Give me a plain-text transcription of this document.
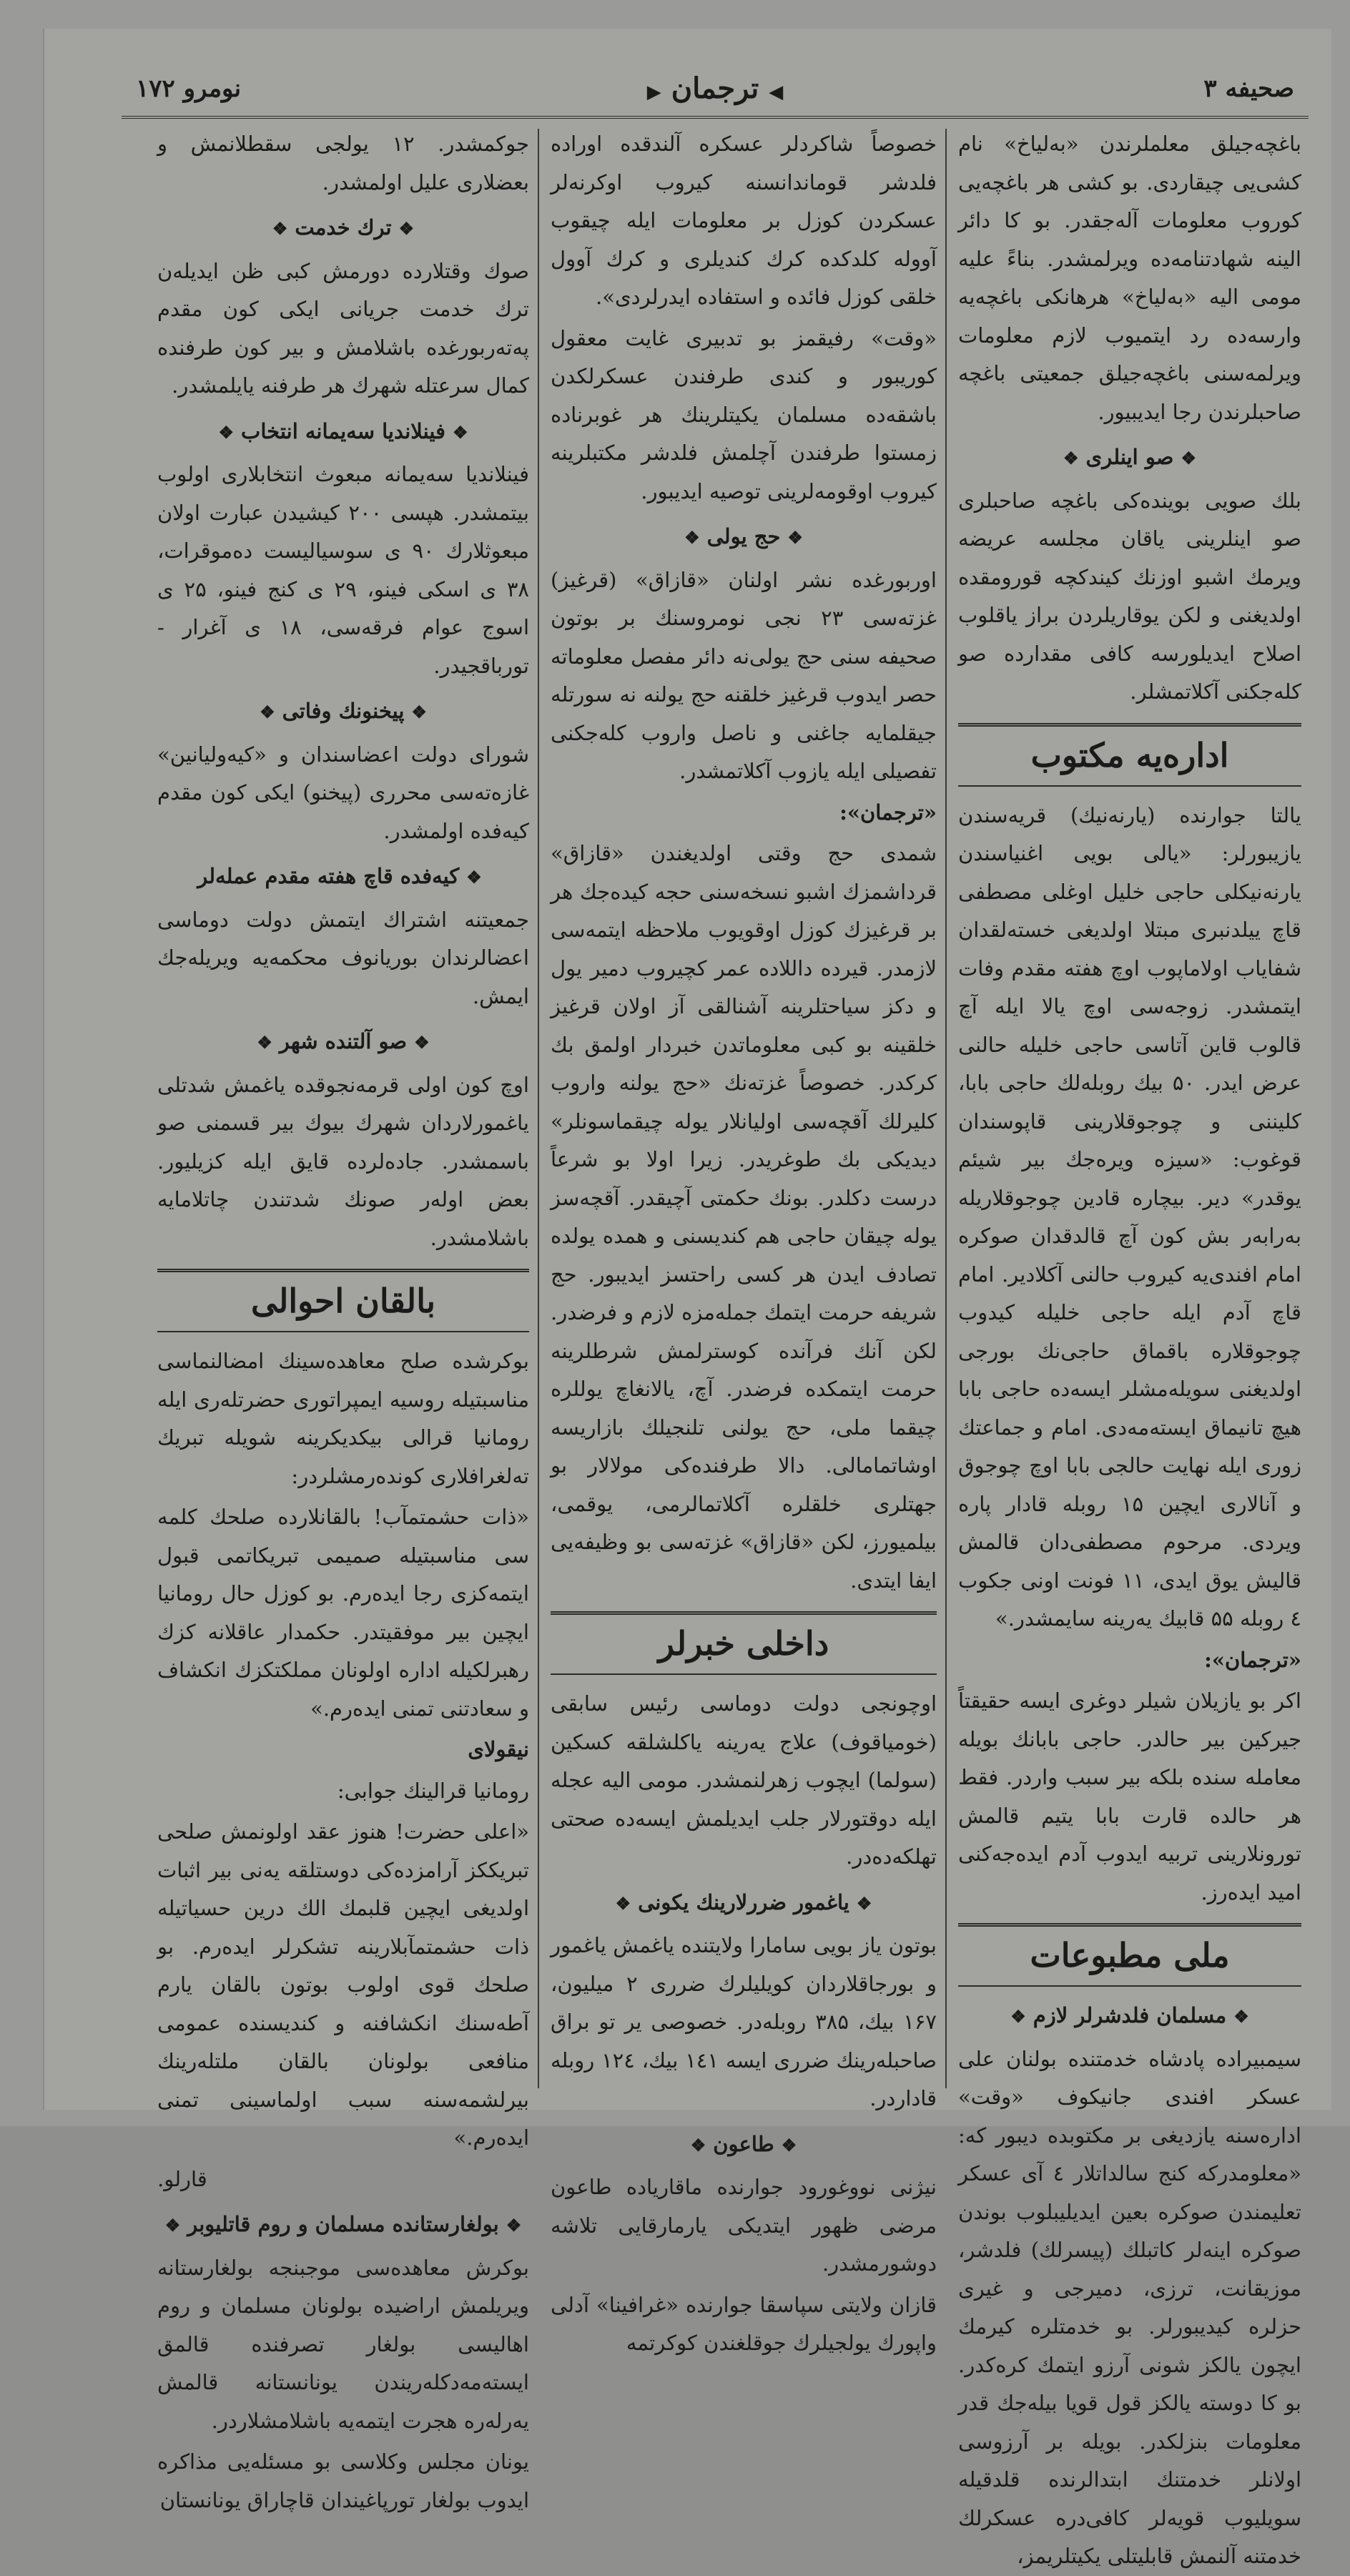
صحیفه ۳
◀ ترجمان ▶
نومرو ۱۷۲

باغچه‌جیلق معلملرندن «بەلیاخ» نام کشی‌یی چیقاردی. بو کشی هر باغچه‌یی کوروب معلومات آلەجقدر. بو کا دائر الینه شهادتنامەده ویرلمشدر. بناءً علیه مومی الیه «بەلیاخ» هرهانکی باغچه‌یه وارسەده رد ایتمیوب لازم معلومات ویرلمەسنی باغچه‌جیلق جمعیتی باغچه صاحبلرندن رجا ایدیبیور.

❖صو اینلری❖

بلك صویی بویندەکی باغچه صاحبلری صو اینلرینی یاقان مجلسه عریضه ویرمك اشبو اوزنك کیندکچه قورومقده اولدیغنی و لکن یوقاریلردن براز یاقلوب اصلاح ایدیلورسه کافی مقدارده صو کلەجکنی آکلاتمشلر.

اداره‌یه مکتوب

یالتا جوارنده (یارنەنیك) قریەسندن یازیبورلر: «یالی بویی اغنیاسندن یارنەنیكلی حاجی خلیل اوغلی مصطفی قاچ ییلدنبری مبتلا اولدیغی خستەلقدان شفایاب اولاماپوب اوچ هفته مقدم وفات ایتمشدر. زوجەسی اوچ یالا ایله آچ قالوب قاین آتاسی حاجی خلیله حالنی عرض ایدر. ۵۰ بیك روبلەلك حاجی بابا، کلیننی و چوجوقلارینی قاپوسندان قوغوب: «سیزه ویرەجك بیر شیئم یوقدر» دیر. بیچاره قادین چوجوقلاریله بەرابەر بش کون آچ قالدقدان صوکره امام افندی‌یه کیروب حالنی آکلادیر. امام قاچ آدم ایله حاجی خلیله کیدوب چوجوقلاره باقماق حاجی‌نك بورجی اولدیغنی سویلەمشلر ایسەده حاجی بابا هیچ تانیماق ایستەمەدی. امام و جماعتك زوری ایله نهایت حالجی بابا اوچ چوجوق و آنالاری ایچین ۱۵ روبله قادار پاره ویردی. مرحوم مصطفی‌دان قالمش قالیش یوق ایدی، ۱۱ فونت اونی جکوب ٤ روبله ۵۵ قابیك یەرینه سایمشدر.»

«ترجمان»:

اکر بو یازیلان شیلر دوغری ایسه حقیقتاً جیرکین بیر حالدر. حاجی بابانك بویله معامله سنده بلکه بیر سبب واردر. فقط هر حالده قارت بابا یتیم قالمش تورونلارینی تربیه ایدوب آدم ایدەجەکنی امید ایدەرز.

ملی مطبوعات
❖مسلمان فلدشرلر لازم❖

سیمبیراده پادشاه خدمتنده بولنان علی عسکر افندی جانیکوف «وقت» ادارەسنه یازدیغی بر مکتوبده دیبور که: «معلومدرکه کنج سالداتلار ٤ آی عسکر تعلیمندن صوکره بعین ایدیلیبلوب بوندن صوکره اینه‌لر کاتبلك (پیسرلك) فلدشر، موزیقانت، ترزی، دمیرجی و غیری حزلره کیدیبورلر. بو خدمتلره کیرمك ایچون یالکز شونی آرزو ایتمك کرەکدر. بو کا دوسته یالکز قول قویا بیلەجك قدر معلومات بنزلکدر. بویله بر آرزوسی اولانلر خدمتنك ابتدالرنده قلدقیله سویلیوب قویەلر کافی‌دره عسکرلك خدمتنه آلنمش قابلیتلی یکیتلریمز،

خصوصاً شاکردلر عسکره آلندقده اوراده فلدشر قوماندانسنه کیروب اوکرنەلر عسکردن کوزل بر معلومات ایله چیقوب آووله کلدکده کرك کندیلری و کرك آوول خلقی کوزل فائده و استفاده ایدرلردی».

«وقت» رفیقمز بو تدبیری غایت معقول کوریبور و کندی طرفندن عسکرلکدن باشقەده مسلمان یکیتلرینك هر غوبرناده زمستوا طرفندن آچلمش فلدشر مکتبلرینه کیروب اوقومەلرینی توصیه ایدیبور.

❖حج یولی❖

اوربورغده نشر اولنان «قازاق» (قرغیز) غزتەسی ۲۳ نجی نومروسنك بر بوتون صحیفه سنی حج یولی‌نه دائر مفصل معلوماته حصر ایدوب قرغیز خلقنه حج یولنه نه سورتله جیقلمایە جاغنی و ناصل واروب کلەجکنی تفصیلی ایله یازوب آکلاتمشدر.

«ترجمان»:

شمدی حج وقتی اولدیغندن «قازاق» قرداشمزك اشبو نسخەسنی حجه کیدەجك هر بر قرغیزك کوزل اوقویوب ملاحظه ایتمەسی لازمدر. قیرده داللاده عمر کچیروب دمیر یول و دکز سیاحتلرینه آشنالقی آز اولان قرغیز خلقینه بو کبی معلوماتدن خبردار اولمق بك کرکدر. خصوصاً غزتەنك «حج یولنه واروب کلیرلك آقچەسی اولیانلار یوله چیقماسونلر» دیدیکی بك طوغریدر. زیرا اولا بو شرعاً درست دکلدر. بونك حکمتی آچیقدر. آقچەسز یوله چیقان حاجی هم کندیسنی و همده یولده تصادف ایدن هر کسی راحتسز ایدیبور. حج شریفه حرمت ایتمك جملەمزه لازم و فرضدر. لکن آنك فرآنده کوسترلمش شرطلرینه حرمت ایتمکده فرضدر. آچ، یالانغاچ یوللره چیقما ملی، حج یولنی تلنجیلك بازاریسه اوشاتمامالی. دالا طرفنده‌کی مولالار بو جهتلری خلقلره آکلاتمالرمی، یوقمی، بیلمیورز، لکن «قازاق» غزتەسی بو وظیفەیی ایفا ایتدی.

داخلی خبرلر

اوچونجی دولت دوماسی رئیس سابقی (خومیاقوف) علاج یەرینه یاکلشلقه کسکین (سولما) ایچوب زهرلنمشدر. مومی الیه عجله ایله دوقتورلار جلب ایدیلمش ایسەده صحتی تهلکەدەدر.

❖یاغمور ضررلارینك یکونی❖

بوتون یاز بویی سامارا ولایتنده یاغمش یاغمور و بورجاقلاردان کویلیلرك ضرری ۲ میلیون، ۱۶۷ بیك، ۳۸۵ روبلەدر. خصوصی یر تو براق صاحبلەرینك ضرری ایسه ۱٤۱ بیك، ۱۲٤ روبله قاداردر.

❖طاعون❖

نیژنی نووغورود جوارنده ماقاریاده طاعون مرضی ظهور ایتدیکی یارمارقایی تلاشه دوشورمشدر.

قازان ولایتی سپاسقا جوارنده «غرافینا» آدلی واپورك یولجیلرك جوقلغندن کوکرتمه

جوکمشدر. ۱۲ یولجی سقطلانمش و بعضلاری علیل اولمشدر.

❖ترك خدمت❖

صوك وقتلارده دورمش کبی ظن ایدیلەن ترك خدمت جریانی ایکی کون مقدم پەتەربورغده باشلامش و بیر کون طرفنده کمال سرعتله شهرك هر طرفنه یایلمشدر.

❖فینلاندیا سەیمانه انتخاب❖

فینلاندیا سەیمانه مبعوث انتخابلاری اولوب بیتمشدر. هپسی ۲۰۰ کیشیدن عبارت اولان مبعوثلارك ۹۰ ی سوسیالیست دەموقرات، ۳۸ ی اسکی فینو، ۲۹ ی کنج فینو، ۲۵ ی اسوج عوام فرقەسی، ۱۸ ی آغرار - تورباقجیدر.

❖پیخنونك وفاتی❖

شورای دولت اعضاسندان و «کیەولیانین» غازەتەسی محرری (پیخنو) ایکی کون مقدم کیەفده اولمشدر.

❖کیەفده قاچ هفته مقدم عملەلر

جمعیتنه اشتراك ایتمش دولت دوماسی اعضالرندان بوریانوف محکمەیه ویریلەجك ایمش.

❖صو آلتنده شهر❖

اوچ کون اولی قرمەنجوقده یاغمش شدتلی یاغمورلاردان شهرك بیوك بیر قسمنی صو باسمشدر. جادەلرده قایق ایله کزیلیور. بعض اولەر صونك شدتندن چاتلامایه باشلامشدر.

بالقان احوالی

بوکرشده صلح معاهدەسینك امضالنماسی مناسبتیله روسیه ایمپراتوری حضرتلەری ایله رومانیا قرالی بیکدیکرینه شویله تبریك تەلغرافلاری کوندەرمشلردر:

«ذات حشمتمآب! بالقانلارده صلحك کلمه سی مناسبتیله صمیمی تبریکاتمی قبول ایتمه‌کزی رجا ایدەرم. بو کوزل حال رومانیا ایچین بیر موفقیتدر. حکمدار عاقلانه کزك رهبرلکیله اداره اولونان مملکتکزك انکشاف و سعادتنی تمنی ایدەرم.»

نیقولای

رومانیا قرالینك جوابی:

«اعلی حضرت! هنوز عقد اولونمش صلحی تبریککز آرامزده‌کی دوستلقه یەنی بیر اثبات اولدیغی ایچین قلبمك الك درین حسیاتیله ذات حشمتمآبلارینه تشکرلر ایدەرم. بو صلحك قوی اولوب بوتون بالقان یارم آطەسنك انکشافنه و کندیسنده عمومی منافعی بولونان بالقان ملتلەرینك بیرلشمەسنه سبب اولماسینی تمنی ایدەرم.»

قارلو.

❖بولغارستانده مسلمان و روم قاتلیوبر❖

بوکرش معاهدەسی موجبنجه بولغارستانه ویریلمش اراضیده بولونان مسلمان و روم اهالیسی بولغار تصرفنده قالمق ایستەمەدکلەریندن یونانستانه قالمش یەرلەره هجرت ایتمه‌یه باشلامشلاردر.

یونان مجلس وکلاسی بو مسئلەیی مذاکره ایدوب بولغار تورپاغیندان قاچاراق یونانستان
